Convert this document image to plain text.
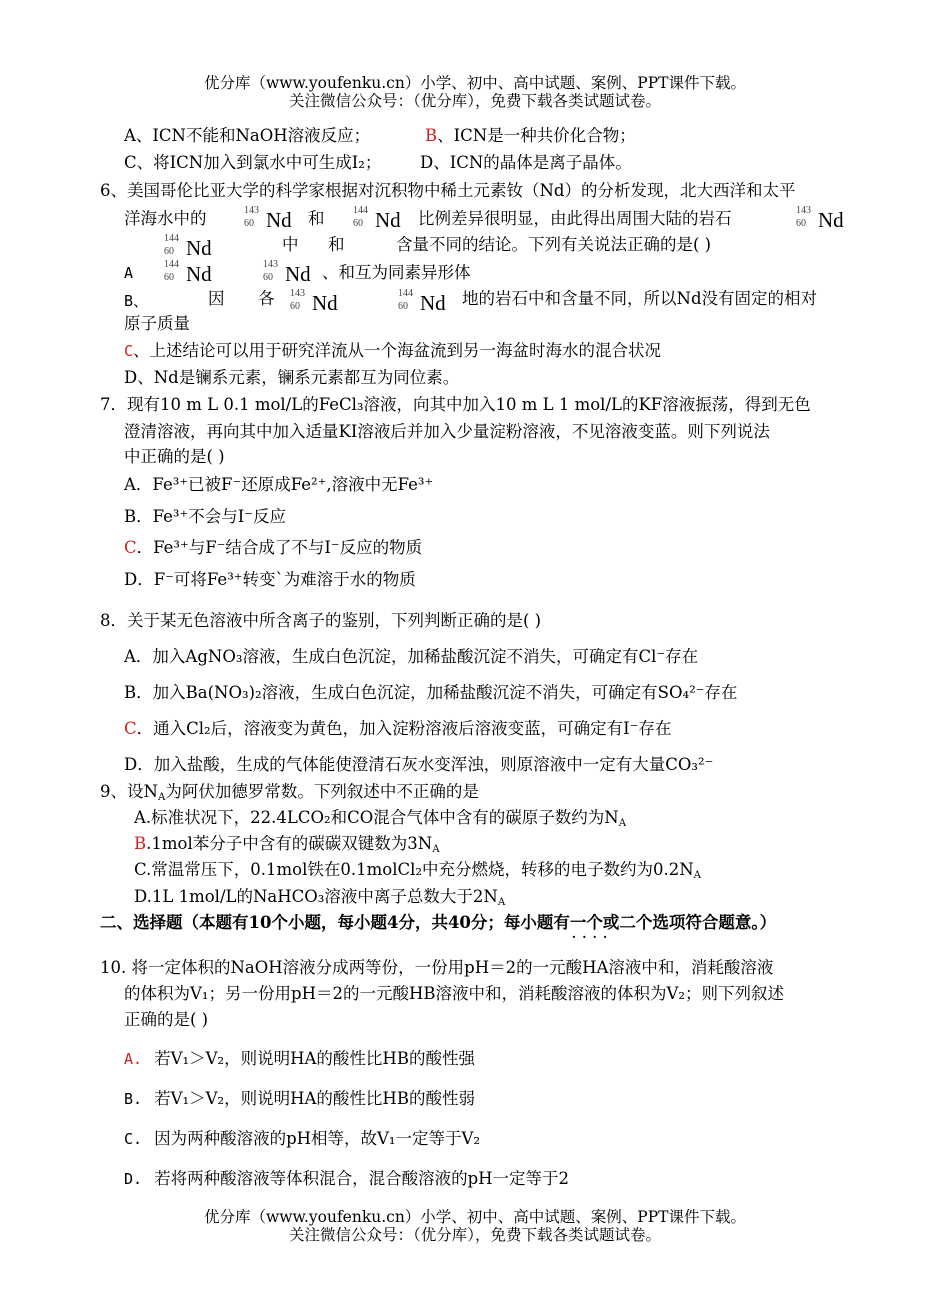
优分库（www.youfenku.cn）小学、初中、高中试题、案例、PPT课件下载。
关注微信公众号：（优分库），免费下载各类试题试卷。
A、ICN不能和NaOH溶液反应；	B、ICN是一种共价化合物；
C、将ICN加入到氯水中可生成I₂； D、ICN的晶体是离子晶体。
6、美国哥伦比亚大学的科学家根据对沉积物中稀土元素钕（Nd）的分析发现，北大西洋和太平
洋海水中的	143
60 Nd 和	144
60 Nd 比例差异很明显，由此得出周围大陆的岩石	143
60 Nd
144
60 Nd	中 和	含量不同的结论。下列有关说法正确的是( )
A	144
60 Nd	143
60 Nd 、和互为同素异形体
B、	因 各 143
60 Nd	144
60 Nd 地的岩石中和含量不同，所以Nd没有固定的相对
原子质量
C、上述结论可以用于研究洋流从一个海盆流到另一海盆时海水的混合状况
D、Nd是镧系元素，镧系元素都互为同位素。
7．现有10 m L 0.1 mol/L的FeCl₃溶液，向其中加入10 m L 1 mol/L的KF溶液振荡，得到无色
澄清溶液，再向其中加入适量KI溶液后并加入少量淀粉溶液，不见溶液变蓝。则下列说法
中正确的是( )
A．Fe³⁺已被F⁻还原成Fe²⁺,溶液中无Fe³⁺
B．Fe³⁺不会与I⁻反应
C．Fe³⁺与F⁻结合成了不与I⁻反应的物质
D．F⁻可将Fe³⁺转变`为难溶于水的物质
8．关于某无色溶液中所含离子的鉴别，下列判断正确的是( )
A．加入AgNO₃溶液，生成白色沉淀，加稀盐酸沉淀不消失，可确定有Cl⁻存在
B．加入Ba(NO₃)₂溶液，生成白色沉淀，加稀盐酸沉淀不消失，可确定有SO₄²⁻存在
C．通入Cl₂后，溶液变为黄色，加入淀粉溶液后溶液变蓝，可确定有I⁻存在
D．加入盐酸，生成的气体能使澄清石灰水变浑浊，则原溶液中一定有大量CO₃²⁻
9、设$N_A$为阿伏加德罗常数。下列叙述中不正确的是
A.标准状况下，22.4LCO₂和CO混合气体中含有的碳原子数约为$N_A$
B.1mol苯分子中含有的碳碳双键数为$3N_A$
C.常温常压下，0.1mol铁在0.1molCl₂中充分燃烧，转移的电子数约为$0.2N_A$
D.1L 1mol/L的NaHCO₃溶液中离子总数大于$2N_A$
二、选择题（本题有10个小题，每小题4分，共40分；每小题有一个或二个 · · · ·选项符合题意。）
10. 将一定体积的NaOH溶液分成两等份，一份用pH＝2的一元酸HA溶液中和，消耗酸溶液
的体积为V₁；另一份用pH＝2的一元酸HB溶液中和，消耗酸溶液的体积为V₂；则下列叙述
正确的是( )
A. 若V₁＞V₂，则说明HA的酸性比HB的酸性强
B. 若V₁＞V₂，则说明HA的酸性比HB的酸性弱
C. 因为两种酸溶液的pH相等，故V₁一定等于V₂
D. 若将两种酸溶液等体积混合，混合酸溶液的pH一定等于2
优分库（www.youfenku.cn）小学、初中、高中试题、案例、PPT课件下载。
关注微信公众号：（优分库），免费下载各类试题试卷。
